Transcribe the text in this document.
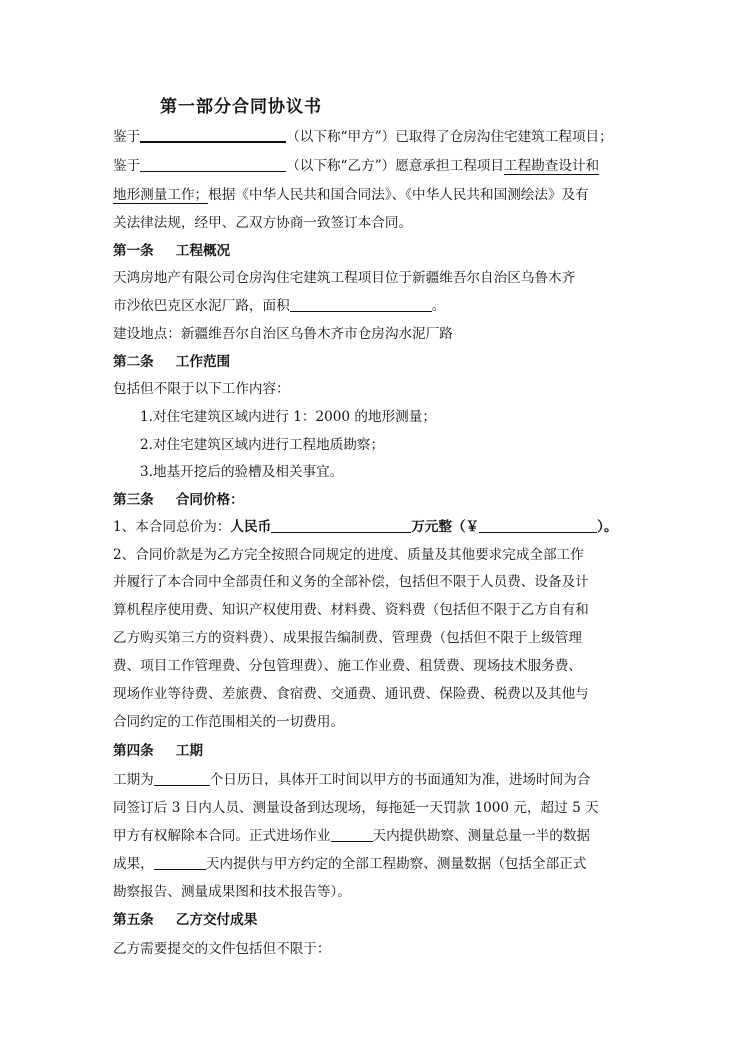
第一部分合同协议书
鉴于	（以下称“甲方”）已取得了仓房沟住宅建筑工程项目；
鉴于	（以下称“乙方”）愿意承担工程项目工程勘查设计和
地形测量工作；根据《中华人民共和国合同法》、《中华人民共和国测绘法》及有
关法律法规，经甲、乙双方协商一致签订本合同。
第一条 工程概况
天鸿房地产有限公司仓房沟住宅建筑工程项目位于新疆维吾尔自治区乌鲁木齐
市沙依巴克区水泥厂路，面积	。
建设地点：新疆维吾尔自治区乌鲁木齐市仓房沟水泥厂路
第二条 工作范围
包括但不限于以下工作内容：
1.对住宅建筑区域内进行 1：2000 的地形测量；
2.对住宅建筑区域内进行工程地质勘察；
3.地基开挖后的验槽及相关事宜。
第三条 合同价格：
1、本合同总价为：人民币	万元整（￥	）。
2、合同价款是为乙方完全按照合同规定的进度、质量及其他要求完成全部工作
并履行了本合同中全部责任和义务的全部补偿，包括但不限于人员费、设备及计
算机程序使用费、知识产权使用费、材料费、资料费（包括但不限于乙方自有和
乙方购买第三方的资料费）、成果报告编制费、管理费（包括但不限于上级管理
费、项目工作管理费、分包管理费）、施工作业费、租赁费、现场技术服务费、
现场作业等待费、差旅费、食宿费、交通费、通讯费、保险费、税费以及其他与
合同约定的工作范围相关的一切费用。
第四条 工期
工期为	个日历日，具体开工时间以甲方的书面通知为准，进场时间为合
同签订后 3 日内人员、测量设备到达现场，每拖延一天罚款 1000 元，超过 5 天
甲方有权解除本合同。正式进场作业	天内提供勘察、测量总量一半的数据
成果，	天内提供与甲方约定的全部工程勘察、测量数据（包括全部正式
勘察报告、测量成果图和技术报告等）。
第五条 乙方交付成果
乙方需要提交的文件包括但不限于：
